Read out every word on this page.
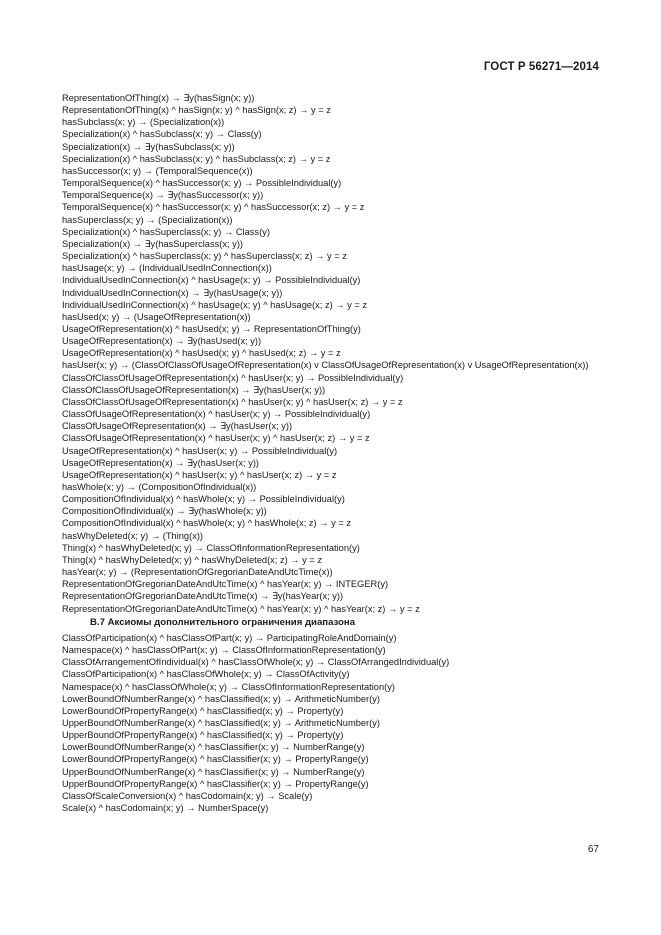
ГОСТ Р 56271—2014
RepresentationOfThing(x) → ∃y(hasSign(x; y))
RepresentationOfThing(x) ^ hasSign(x; y) ^ hasSign(x; z) → y = z
hasSubclass(x; y) → (Specialization(x))
Specialization(x) ^ hasSubclass(x; y) → Class(y)
Specialization(x) → ∃y(hasSubclass(x; y))
Specialization(x) ^ hasSubclass(x; y) ^ hasSubclass(x; z) → y = z
hasSuccessor(x; y) → (TemporalSequence(x))
TemporalSequence(x) ^ hasSuccessor(x; y) → PossibleIndividual(y)
TemporalSequence(x) → ∃y(hasSuccessor(x; y))
TemporalSequence(x) ^ hasSuccessor(x; y) ^ hasSuccessor(x; z) → y = z
hasSuperclass(x; y) → (Specialization(x))
Specialization(x) ^ hasSuperclass(x; y) → Class(y)
Specialization(x) → ∃y(hasSuperclass(x; y))
Specialization(x) ^ hasSuperclass(x; y) ^ hasSuperclass(x; z) → y = z
hasUsage(x; y) → (IndividualUsedInConnection(x))
IndividualUsedInConnection(x) ^ hasUsage(x; y) → PossibleIndividual(y)
IndividualUsedInConnection(x) → ∃y(hasUsage(x; y))
IndividualUsedInConnection(x) ^ hasUsage(x; y) ^ hasUsage(x; z) → y = z
hasUsed(x; y) → (UsageOfRepresentation(x))
UsageOfRepresentation(x) ^ hasUsed(x; y) → RepresentationOfThing(y)
UsageOfRepresentation(x) → ∃y(hasUsed(x; y))
UsageOfRepresentation(x) ^ hasUsed(x; y) ^ hasUsed(x; z) → y = z
hasUser(x; y) → (ClassOfClassOfUsageOfRepresentation(x) v ClassOfUsageOfRepresentation(x) v UsageOfRepresentation(x))
ClassOfClassOfUsageOfRepresentation(x) ^ hasUser(x; y) → PossibleIndividual(y)
ClassOfClassOfUsageOfRepresentation(x) → ∃y(hasUser(x; y))
ClassOfClassOfUsageOfRepresentation(x) ^ hasUser(x; y) ^ hasUser(x; z) → y = z
ClassOfUsageOfRepresentation(x) ^ hasUser(x; y) → PossibleIndividual(y)
ClassOfUsageOfRepresentation(x) → ∃y(hasUser(x; y))
ClassOfUsageOfRepresentation(x) ^ hasUser(x; y) ^ hasUser(x; z) → y = z
UsageOfRepresentation(x) ^ hasUser(x; y) → PossibleIndividual(y)
UsageOfRepresentation(x) → ∃y(hasUser(x; y))
UsageOfRepresentation(x) ^ hasUser(x; y) ^ hasUser(x; z) → y = z
hasWhole(x; y) → (CompositionOfIndividual(x))
CompositionOfIndividual(x) ^ hasWhole(x; y) → PossibleIndividual(y)
CompositionOfIndividual(x) → ∃y(hasWhole(x; y))
CompositionOfIndividual(x) ^ hasWhole(x; y) ^ hasWhole(x; z) → y = z
hasWhyDeleted(x; y) → (Thing(x))
Thing(x) ^ hasWhyDeleted(x; y) → ClassOfInformationRepresentation(y)
Thing(x) ^ hasWhyDeleted(x; y) ^ hasWhyDeleted(x; z) → y = z
hasYear(x; y) → (RepresentationOfGregorianDateAndUtcTime(x))
RepresentationOfGregorianDateAndUtcTime(x) ^ hasYear(x; y) → INTEGER(y)
RepresentationOfGregorianDateAndUtcTime(x) → ∃y(hasYear(x; y))
RepresentationOfGregorianDateAndUtcTime(x) ^ hasYear(x; y) ^ hasYear(x; z) → y = z
B.7 Аксиомы дополнительного ограничения диапазона
ClassOfParticipation(x) ^ hasClassOfPart(x; y) → ParticipatingRoleAndDomain(y)
Namespace(x) ^ hasClassOfPart(x; y) → ClassOfInformationRepresentation(y)
ClassOfArrangementOfIndividual(x) ^ hasClassOfWhole(x; y) → ClassOfArrangedIndividual(y)
ClassOfParticipation(x) ^ hasClassOfWhole(x; y) → ClassOfActivity(y)
Namespace(x) ^ hasClassOfWhole(x; y) → ClassOfInformationRepresentation(y)
LowerBoundOfNumberRange(x) ^ hasClassified(x; y) → ArithmeticNumber(y)
LowerBoundOfPropertyRange(x) ^ hasClassified(x; y) → Property(y)
UpperBoundOfNumberRange(x) ^ hasClassified(x; y) → ArithmeticNumber(y)
UpperBoundOfPropertyRange(x) ^ hasClassified(x; y) → Property(y)
LowerBoundOfNumberRange(x) ^ hasClassifier(x; y) → NumberRange(y)
LowerBoundOfPropertyRange(x) ^ hasClassifier(x; y) → PropertyRange(y)
UpperBoundOfNumberRange(x) ^ hasClassifier(x; y) → NumberRange(y)
UpperBoundOfPropertyRange(x) ^ hasClassifier(x; y) → PropertyRange(y)
ClassOfScaleConversion(x) ^ hasCodomain(x; y) → Scale(y)
Scale(x) ^ hasCodomain(x; y) → NumberSpace(y)
67
